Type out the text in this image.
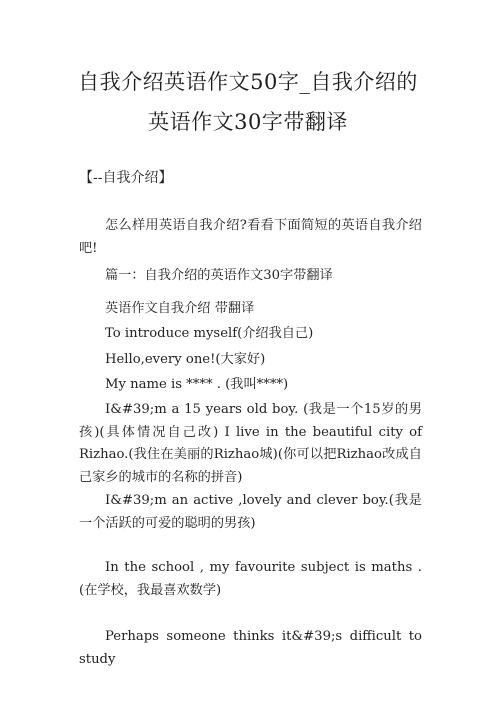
自我介绍英语作文50字_自我介绍的
英语作文30字带翻译
【--自我介绍】
怎么样用英语自我介绍?看看下面简短的英语自我介绍吧!
篇一：自我介绍的英语作文30字带翻译
英语作文自我介绍 带翻译
To introduce myself(介绍我自己)
Hello,every one!(大家好)
My name is **** . (我叫****)
I&#39;m a 15 years old boy. (我是一个15岁的男孩)(具体情况自己改) I live in the beautiful city of Rizhao.(我住在美丽的Rizhao城)(你可以把Rizhao改成自己家乡的城市的名称的拼音)
I&#39;m an active ,lovely and clever boy.(我是一个活跃的可爱的聪明的男孩)
In the school , my favourite subject is maths .(在学校，我最喜欢数学)
Perhaps someone thinks it&#39;s difficult to study
